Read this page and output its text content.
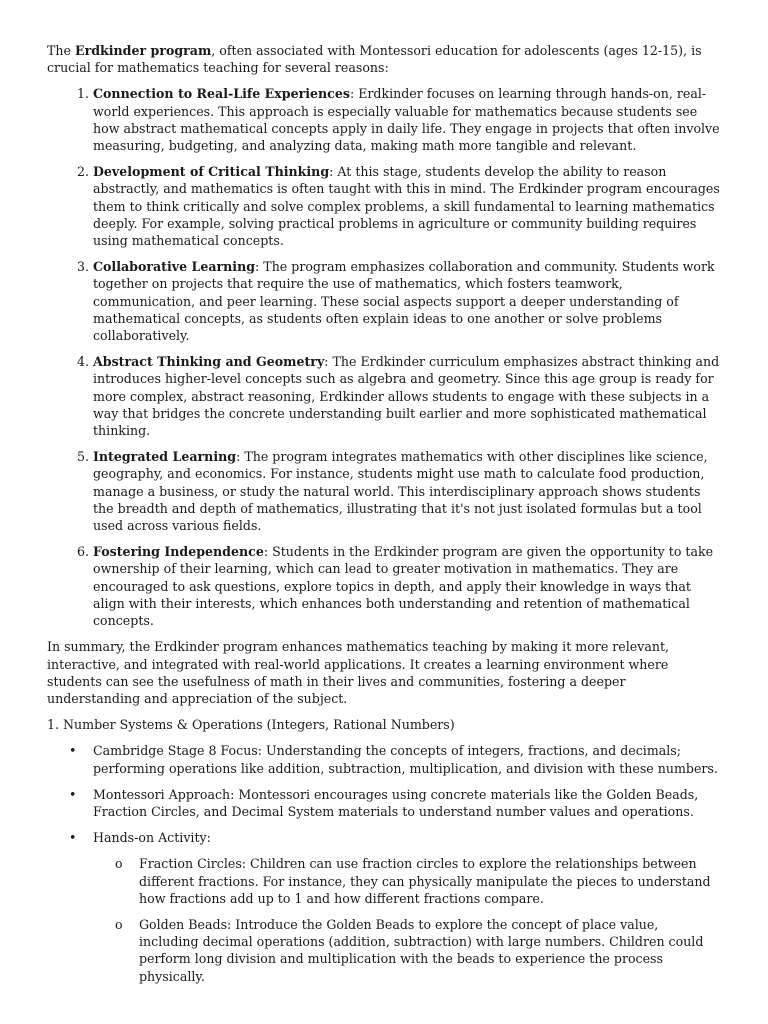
The Erdkinder program, often associated with Montessori education for adolescents (ages 12-15), is crucial for mathematics teaching for several reasons:

1. Connection to Real-Life Experiences: Erdkinder focuses on learning through hands-on, real-world experiences. This approach is especially valuable for mathematics because students see how abstract mathematical concepts apply in daily life. They engage in projects that often involve measuring, budgeting, and analyzing data, making math more tangible and relevant.
2. Development of Critical Thinking: At this stage, students develop the ability to reason abstractly, and mathematics is often taught with this in mind. The Erdkinder program encourages them to think critically and solve complex problems, a skill fundamental to learning mathematics deeply. For example, solving practical problems in agriculture or community building requires using mathematical concepts.
3. Collaborative Learning: The program emphasizes collaboration and community. Students work together on projects that require the use of mathematics, which fosters teamwork, communication, and peer learning. These social aspects support a deeper understanding of mathematical concepts, as students often explain ideas to one another or solve problems collaboratively.
4. Abstract Thinking and Geometry: The Erdkinder curriculum emphasizes abstract thinking and introduces higher-level concepts such as algebra and geometry. Since this age group is ready for more complex, abstract reasoning, Erdkinder allows students to engage with these subjects in a way that bridges the concrete understanding built earlier and more sophisticated mathematical thinking.
5. Integrated Learning: The program integrates mathematics with other disciplines like science, geography, and economics. For instance, students might use math to calculate food production, manage a business, or study the natural world. This interdisciplinary approach shows students the breadth and depth of mathematics, illustrating that it's not just isolated formulas but a tool used across various fields.
6. Fostering Independence: Students in the Erdkinder program are given the opportunity to take ownership of their learning, which can lead to greater motivation in mathematics. They are encouraged to ask questions, explore topics in depth, and apply their knowledge in ways that align with their interests, which enhances both understanding and retention of mathematical concepts.

In summary, the Erdkinder program enhances mathematics teaching by making it more relevant, interactive, and integrated with real-world applications. It creates a learning environment where students can see the usefulness of math in their lives and communities, fostering a deeper understanding and appreciation of the subject.

1. Number Systems & Operations (Integers, Rational Numbers)

• Cambridge Stage 8 Focus: Understanding the concepts of integers, fractions, and decimals; performing operations like addition, subtraction, multiplication, and division with these numbers.
• Montessori Approach: Montessori encourages using concrete materials like the Golden Beads, Fraction Circles, and Decimal System materials to understand number values and operations.
• Hands-on Activity:
o Fraction Circles: Children can use fraction circles to explore the relationships between different fractions. For instance, they can physically manipulate the pieces to understand how fractions add up to 1 and how different fractions compare.
o Golden Beads: Introduce the Golden Beads to explore the concept of place value, including decimal operations (addition, subtraction) with large numbers. Children could perform long division and multiplication with the beads to experience the process physically.
